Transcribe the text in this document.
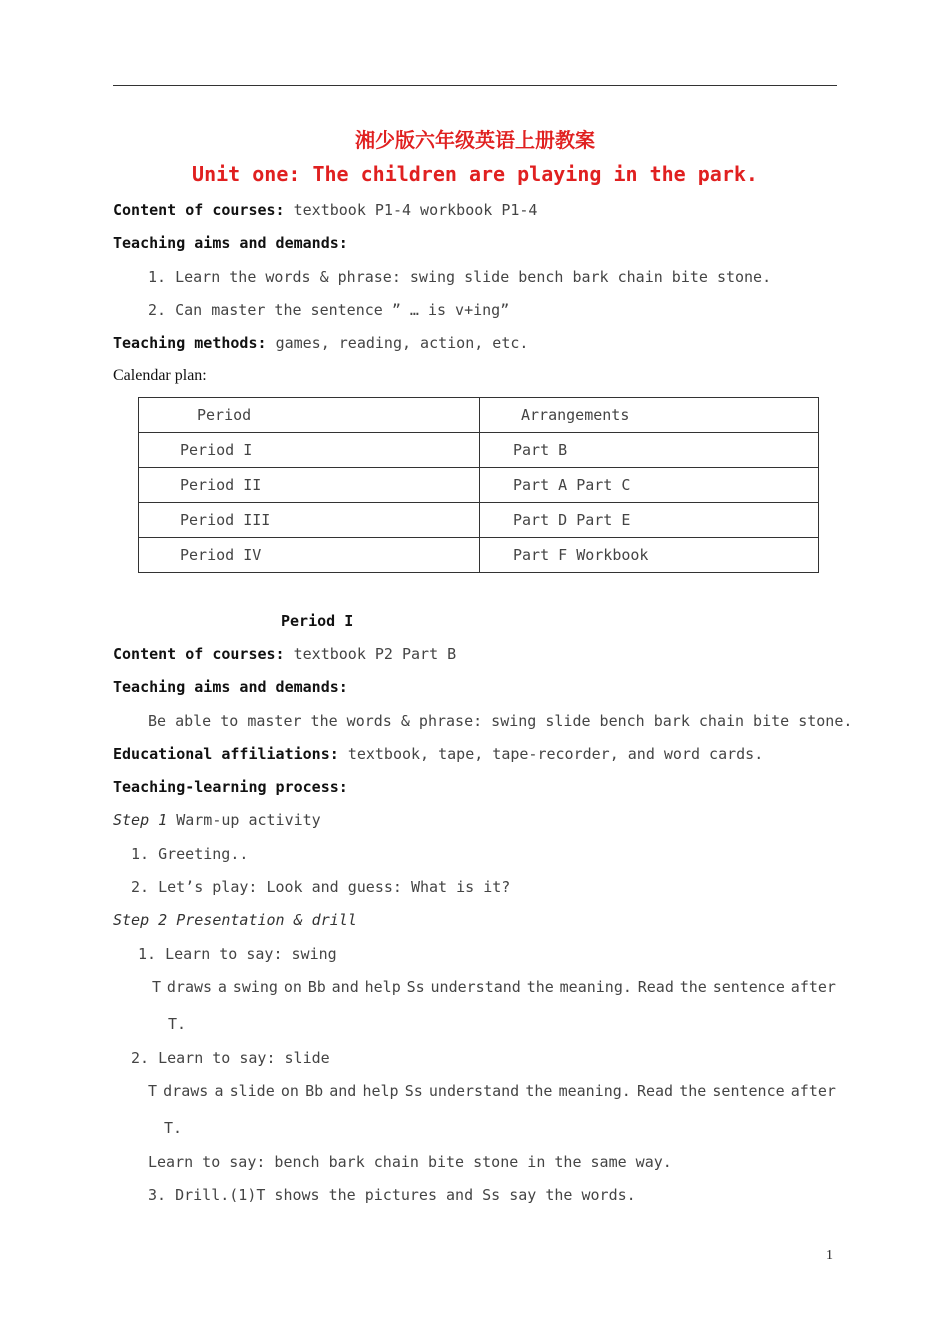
湘少版六年级英语上册教案
Unit one: The children are playing in the park.
Content of courses: textbook P1-4 workbook P1-4
Teaching aims and demands:
1. Learn the words & phrase: swing slide bench bark chain bite stone.
2. Can master the sentence ” … is v+ing”
Teaching methods: games, reading, action, etc.
Calendar plan:
Period	Arrangements
Period I	Part B
Period II	Part A Part C
Period III	Part D Part E
Period IV	Part F Workbook
Period I
Content of courses: textbook P2 Part B
Teaching aims and demands:
Be able to master the words & phrase: swing slide bench bark chain bite stone.
Educational affiliations: textbook, tape, tape-recorder, and word cards.
Teaching-learning process:
Step 1 Warm-up activity
1. Greeting..
2. Let’s play: Look and guess: What is it?
Step 2 Presentation & drill
1. Learn to say: swing
T draws a swing on Bb and help Ss understand the meaning. Read the sentence after
T.
2. Learn to say: slide
T draws a slide on Bb and help Ss understand the meaning. Read the sentence after
T.
Learn to say: bench bark chain bite stone in the same way.
3. Drill.(1)T shows the pictures and Ss say the words.
1
